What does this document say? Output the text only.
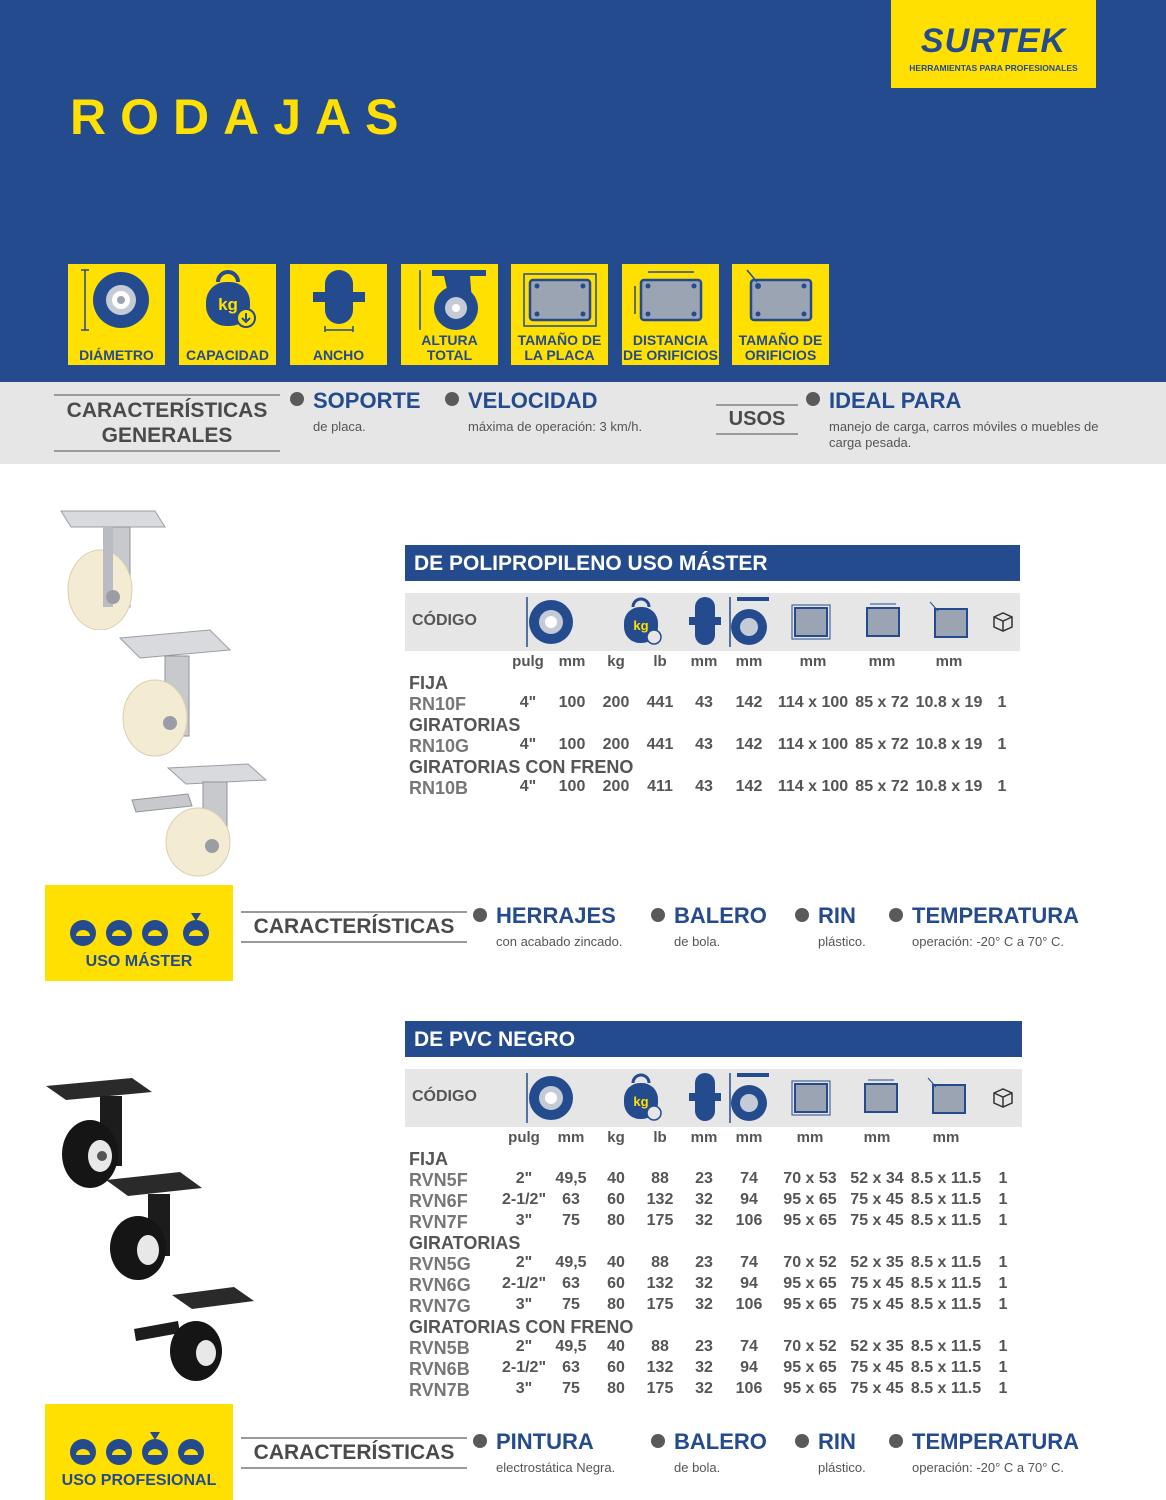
RODAJAS
SURTEK
HERRAMIENTAS PARA PROFESIONALES
DIÁMETRO
kg
CAPACIDAD	ANCHO
ALTURA TOTAL
TAMAÑO DE LA PLACA
DISTANCIA DE ORIFICIOS
TAMAÑO DE ORIFICIOS
CARACTERÍSTICAS GENERALES
SOPORTE
de placa.
VELOCIDAD
máxima de operación: 3 km/h.	USOS
IDEAL PARA
manejo de carga, carros móviles o muebles de carga pesada.
DE POLIPROPILENO USO MÁSTER
CÓDIGO	kg
pulg mm	kg	lb	mm	mm	mm	mm	mm
FIJA
RN10F	4"	100	200	441	43	142 114 x 100 85 x 72 10.8 x 19 1
GIRATORIAS
RN10G	4"	100	200	441	43	142 114 x 100 85 x 72 10.8 x 19 1
GIRATORIAS CON FRENO
RN10B	4"	100	200	411	43	142 114 x 100 85 x 72 10.8 x 19 1
USO MÁSTER
CARACTERÍSTICAS	HERRAJES
con acabado zincado.
BALERO
de bola.
RIN
plástico.
TEMPERATURA
operación: -20° C a 70° C.
DE PVC NEGRO
CÓDIGO	kg
pulg	mm	kg	lb	mm	mm	mm	mm	mm
FIJA
RVN5F	2"	49,5	40	88	23	74	70 x 53 52 x 34 8.5 x 11.5	1
RVN6F	2-1/2"	63	60	132	32	94	95 x 65 75 x 45 8.5 x 11.5	1
RVN7F	3"	75	80	175	32	106	95 x 65 75 x 45 8.5 x 11.5	1
GIRATORIAS
RVN5G	2"	49,5	40	88	23	74	70 x 52 52 x 35 8.5 x 11.5	1
RVN6G	2-1/2"	63	60	132	32	94	95 x 65 75 x 45 8.5 x 11.5	1
RVN7G	3"	75	80	175	32	106	95 x 65 75 x 45 8.5 x 11.5	1
GIRATORIAS CON FRENO
RVN5B	2"	49,5	40	88	23	74	70 x 52 52 x 35 8.5 x 11.5	1
RVN6B	2-1/2"	63	60	132	32	94	95 x 65 75 x 45 8.5 x 11.5	1
RVN7B	3"	75	80	175	32	106	95 x 65 75 x 45 8.5 x 11.5	1
USO PROFESIONAL
CARACTERÍSTICAS	PINTURA
electrostática Negra.
BALERO
de bola.
RIN
plástico.
TEMPERATURA
operación: -20° C a 70° C.
